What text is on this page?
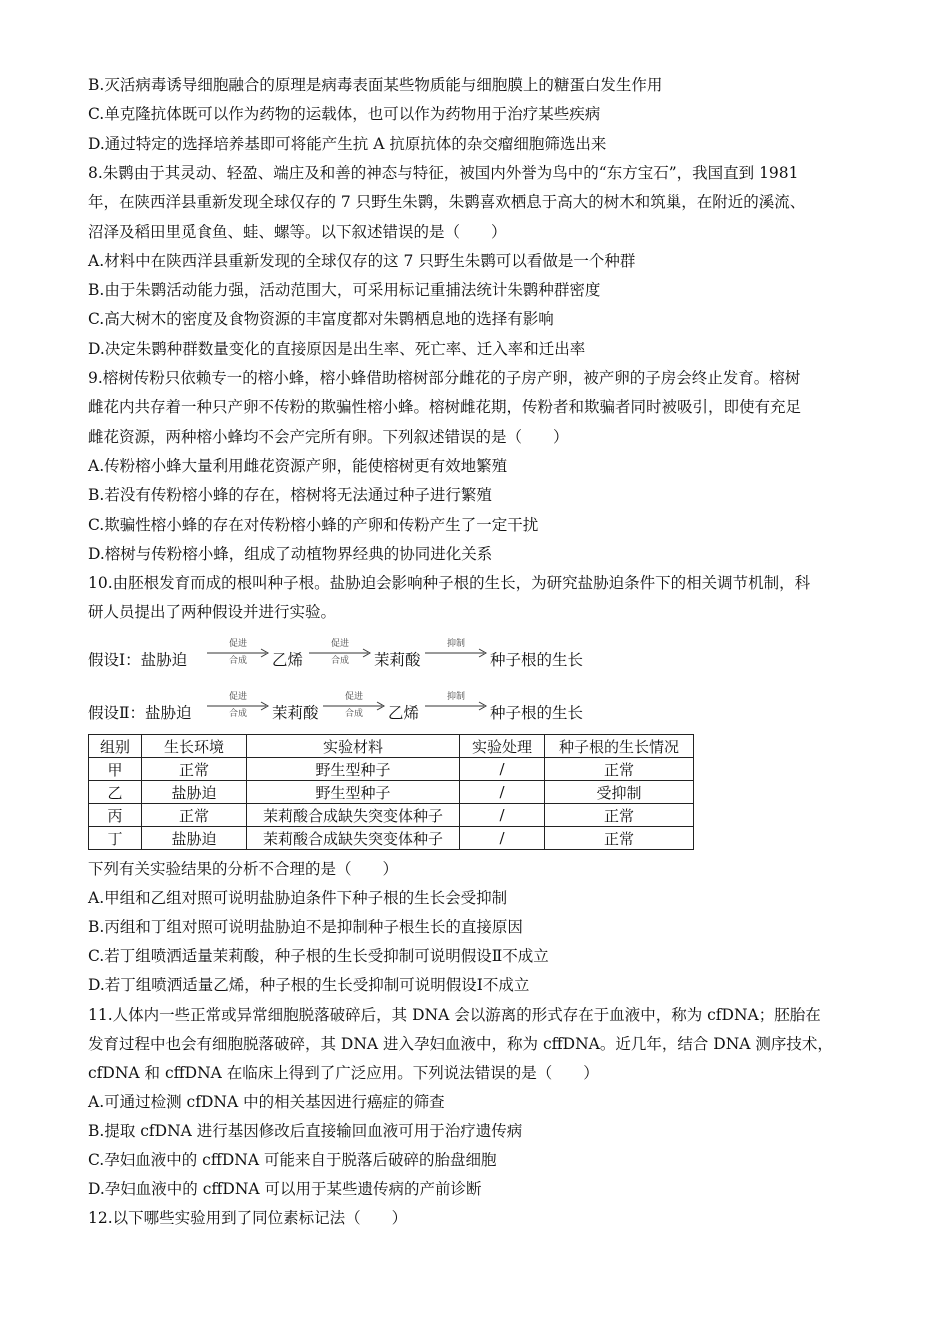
B.灭活病毒诱导细胞融合的原理是病毒表面某些物质能与细胞膜上的糖蛋白发生作用
C.单克隆抗体既可以作为药物的运载体，也可以作为药物用于治疗某些疾病
D.通过特定的选择培养基即可将能产生抗 A 抗原抗体的杂交瘤细胞筛选出来
8.朱鹮由于其灵动、轻盈、端庄及和善的神态与特征，被国内外誉为鸟中的“东方宝石”，我国直到 1981
年，在陕西洋县重新发现全球仅存的 7 只野生朱鹮，朱鹮喜欢栖息于高大的树木和筑巢，在附近的溪流、
沼泽及稻田里觅食鱼、蛙、螺等。以下叙述错误的是（　　）
A.材料中在陕西洋县重新发现的全球仅存的这 7 只野生朱鹮可以看做是一个种群
B.由于朱鹮活动能力强，活动范围大，可采用标记重捕法统计朱鹮种群密度
C.高大树木的密度及食物资源的丰富度都对朱鹮栖息地的选择有影响
D.决定朱鹮种群数量变化的直接原因是出生率、死亡率、迁入率和迁出率
9.榕树传粉只依赖专一的榕小蜂，榕小蜂借助榕树部分雌花的子房产卵，被产卵的子房会终止发育。榕树
雌花内共存着一种只产卵不传粉的欺骗性榕小蜂。榕树雌花期，传粉者和欺骗者同时被吸引，即使有充足
雌花资源，两种榕小蜂均不会产完所有卵。下列叙述错误的是（　　）
A.传粉榕小蜂大量利用雌花资源产卵，能使榕树更有效地繁殖
B.若没有传粉榕小蜂的存在，榕树将无法通过种子进行繁殖
C.欺骗性榕小蜂的存在对传粉榕小蜂的产卵和传粉产生了一定干扰
D.榕树与传粉榕小蜂，组成了动植物界经典的协同进化关系
10.由胚根发育而成的根叫种子根。盐胁迫会影响种子根的生长，为研究盐胁迫条件下的相关调节机制，科
研人员提出了两种假设并进行实验。
假设Ⅰ：盐胁迫
促进
合成	乙烯
促进
合成	茉莉酸
抑制
种子根的生长
假设Ⅱ：盐胁迫
促进
合成	茉莉酸
促进
合成	乙烯
抑制
种子根的生长
组别	生长环境	实验材料	实验处理	种子根的生长情况
甲	正常	野生型种子	/	正常
乙	盐胁迫	野生型种子	/	受抑制
丙	正常	茉莉酸合成缺失突变体种子	/	正常
丁	盐胁迫	茉莉酸合成缺失突变体种子	/	正常
下列有关实验结果的分析不合理的是（　　）
A.甲组和乙组对照可说明盐胁迫条件下种子根的生长会受抑制
B.丙组和丁组对照可说明盐胁迫不是抑制种子根生长的直接原因
C.若丁组喷洒适量茉莉酸，种子根的生长受抑制可说明假设Ⅱ不成立
D.若丁组喷洒适量乙烯，种子根的生长受抑制可说明假设Ⅰ不成立
11.人体内一些正常或异常细胞脱落破碎后，其 DNA 会以游离的形式存在于血液中，称为 cfDNA；胚胎在
发育过程中也会有细胞脱落破碎，其 DNA 进入孕妇血液中，称为 cffDNA。近几年，结合 DNA 测序技术，
cfDNA 和 cffDNA 在临床上得到了广泛应用。下列说法错误的是（　　）
A.可通过检测 cfDNA 中的相关基因进行癌症的筛查
B.提取 cfDNA 进行基因修改后直接输回血液可用于治疗遗传病
C.孕妇血液中的 cffDNA 可能来自于脱落后破碎的胎盘细胞
D.孕妇血液中的 cffDNA 可以用于某些遗传病的产前诊断
12.以下哪些实验用到了同位素标记法（　　）
